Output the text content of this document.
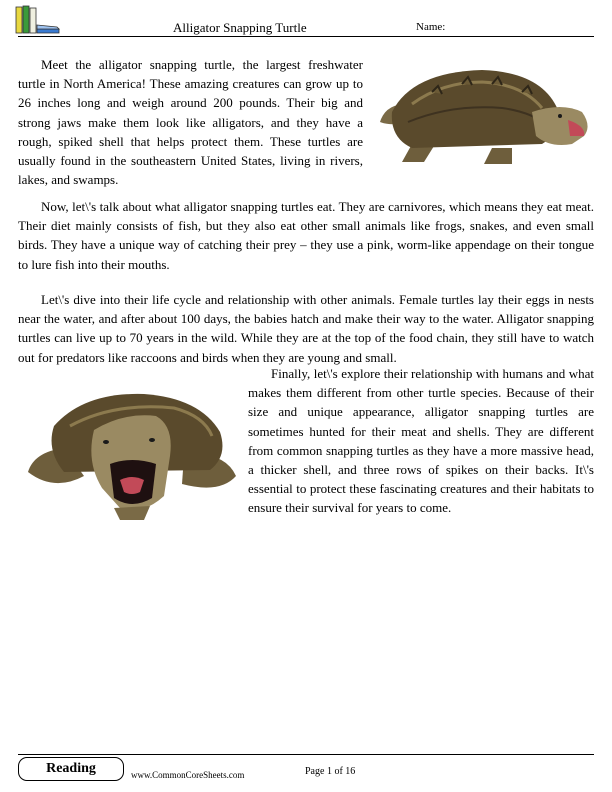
Alligator Snapping Turtle	Name:

Meet the alligator snapping turtle, the largest freshwater turtle in North America! These amazing creatures can grow up to 26 inches long and weigh around 200 pounds. Their big and strong jaws make them look like alligators, and they have a rough, spiked shell that helps protect them. These turtles are usually found in the southeastern United States, living in rivers, lakes, and swamps.

Now, let\'s talk about what alligator snapping turtles eat. They are carnivores, which means they eat meat. Their diet mainly consists of fish, but they also eat other small animals like frogs, snakes, and even small birds. They have a unique way of catching their prey – they use a pink, worm-like appendage on their tongue to lure fish into their mouths.

Let\'s dive into their life cycle and relationship with other animals. Female turtles lay their eggs in nests near the water, and after about 100 days, the babies hatch and make their way to the water. Alligator snapping turtles can live up to 70 years in the wild. While they are at the top of the food chain, they still have to watch out for predators like raccoons and birds when they are young and small.

Finally, let\'s explore their relationship with humans and what makes them different from other turtle species. Because of their size and unique appearance, alligator snapping turtles are sometimes hunted for their meat and shells. They are different from common snapping turtles as they have a more massive head, a thicker shell, and three rows of spikes on their backs. It\'s essential to protect these fascinating creatures and their habitats to ensure their survival for years to come.

Reading	www.CommonCoreSheets.com	Page 1 of 16
